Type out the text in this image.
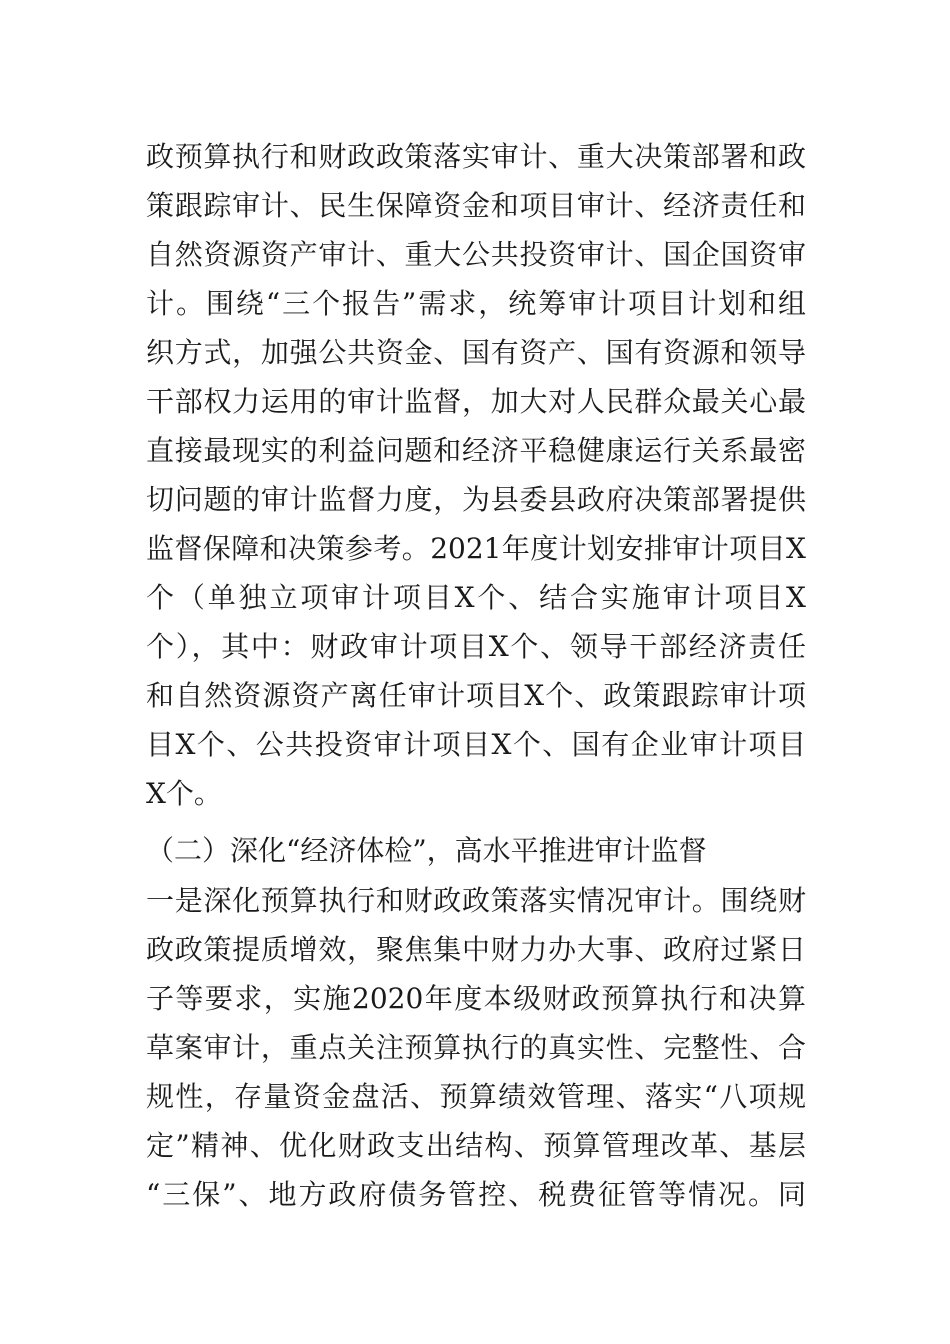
政预算执行和财政政策落实审计、重大决策部署和政
策跟踪审计、民生保障资金和项目审计、经济责任和
自然资源资产审计、重大公共投资审计、国企国资审
计。围绕“三个报告”需求，统筹审计项目计划和组
织方式，加强公共资金、国有资产、国有资源和领导
干部权力运用的审计监督，加大对人民群众最关心最
直接最现实的利益问题和经济平稳健康运行关系最密
切问题的审计监督力度，为县委县政府决策部署提供
监督保障和决策参考。2021年度计划安排审计项目X
个（单独立项审计项目X个、结合实施审计项目X
个），其中：财政审计项目X个、领导干部经济责任
和自然资源资产离任审计项目X个、政策跟踪审计项
目X个、公共投资审计项目X个、国有企业审计项目
X个。
（二）深化“经济体检”，高水平推进审计监督
一是深化预算执行和财政政策落实情况审计。围绕财
政政策提质增效，聚焦集中财力办大事、政府过紧日
子等要求，实施2020年度本级财政预算执行和决算
草案审计，重点关注预算执行的真实性、完整性、合
规性，存量资金盘活、预算绩效管理、落实“八项规
定”精神、优化财政支出结构、预算管理改革、基层
“三保”、地方政府债务管控、税费征管等情况。同
